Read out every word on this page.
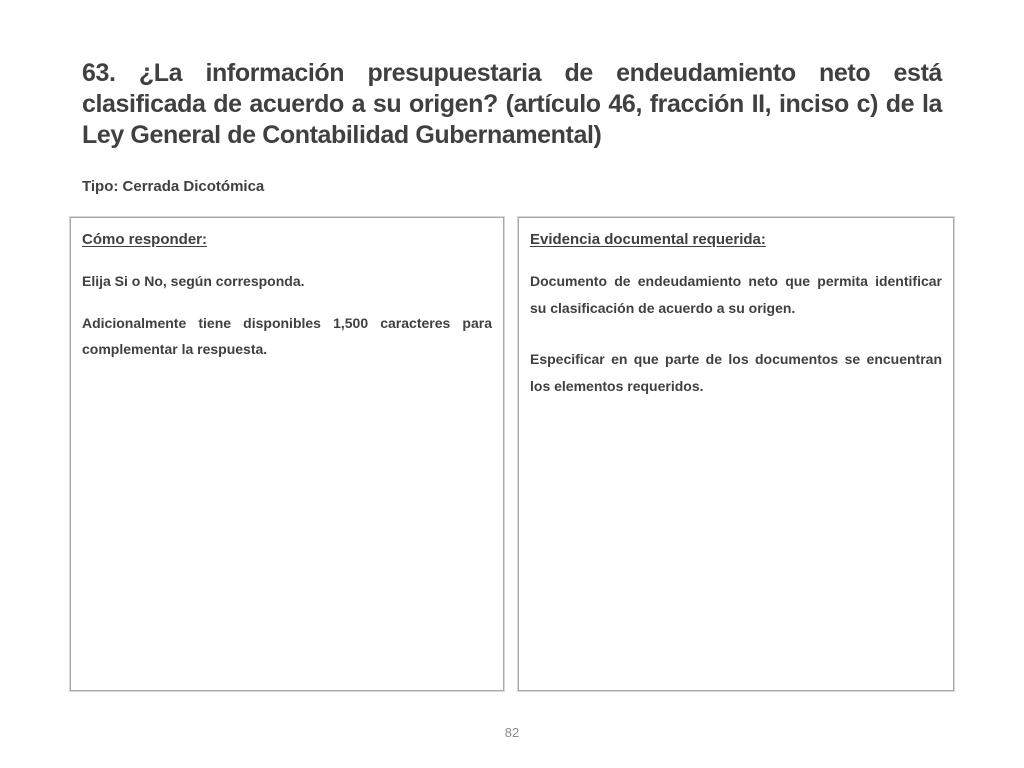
63. ¿La información presupuestaria de endeudamiento neto está clasificada de acuerdo a su origen? (artículo 46, fracción II, inciso c) de la Ley General de Contabilidad Gubernamental)
Tipo: Cerrada Dicotómica
Cómo responder:

Elija Si o No, según corresponda.

Adicionalmente tiene disponibles 1,500 caracteres para complementar la respuesta.

Evidencia documental requerida:

Documento de endeudamiento neto que permita identificar su clasificación de acuerdo a su origen.

Especificar en que parte de los documentos se encuentran los elementos requeridos.

82
